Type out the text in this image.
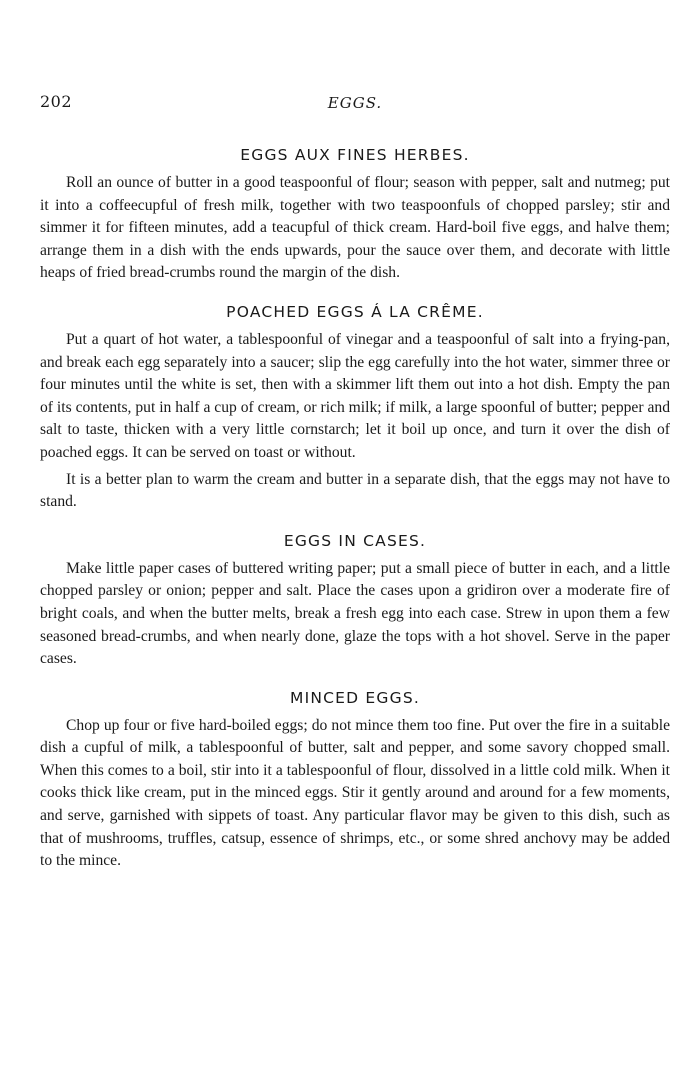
202	EGGS.
EGGS AUX FINES HERBES.

Roll an ounce of butter in a good teaspoonful of flour; season with pepper, salt and nutmeg; put it into a coffeecupful of fresh milk, together with two teaspoonfuls of chopped parsley; stir and simmer it for fifteen minutes, add a teacupful of thick cream. Hard-boil five eggs, and halve them; arrange them in a dish with the ends upwards, pour the sauce over them, and decorate with little heaps of fried bread-crumbs round the margin of the dish.

POACHED EGGS Á LA CRÊME.

Put a quart of hot water, a tablespoonful of vinegar and a teaspoonful of salt into a frying-pan, and break each egg separately into a saucer; slip the egg carefully into the hot water, simmer three or four minutes until the white is set, then with a skimmer lift them out into a hot dish. Empty the pan of its contents, put in half a cup of cream, or rich milk; if milk, a large spoonful of butter; pepper and salt to taste, thicken with a very little cornstarch; let it boil up once, and turn it over the dish of poached eggs. It can be served on toast or without.

It is a better plan to warm the cream and butter in a separate dish, that the eggs may not have to stand.

EGGS IN CASES.

Make little paper cases of buttered writing paper; put a small piece of butter in each, and a little chopped parsley or onion; pepper and salt. Place the cases upon a gridiron over a moderate fire of bright coals, and when the butter melts, break a fresh egg into each case. Strew in upon them a few seasoned bread-crumbs, and when nearly done, glaze the tops with a hot shovel. Serve in the paper cases.

MINCED EGGS.

Chop up four or five hard-boiled eggs; do not mince them too fine. Put over the fire in a suitable dish a cupful of milk, a tablespoonful of butter, salt and pepper, and some savory chopped small. When this comes to a boil, stir into it a tablespoonful of flour, dissolved in a little cold milk. When it cooks thick like cream, put in the minced eggs. Stir it gently around and around for a few moments, and serve, garnished with sippets of toast. Any particular flavor may be given to this dish, such as that of mushrooms, truffles, catsup, essence of shrimps, etc., or some shred anchovy may be added to the mince.
